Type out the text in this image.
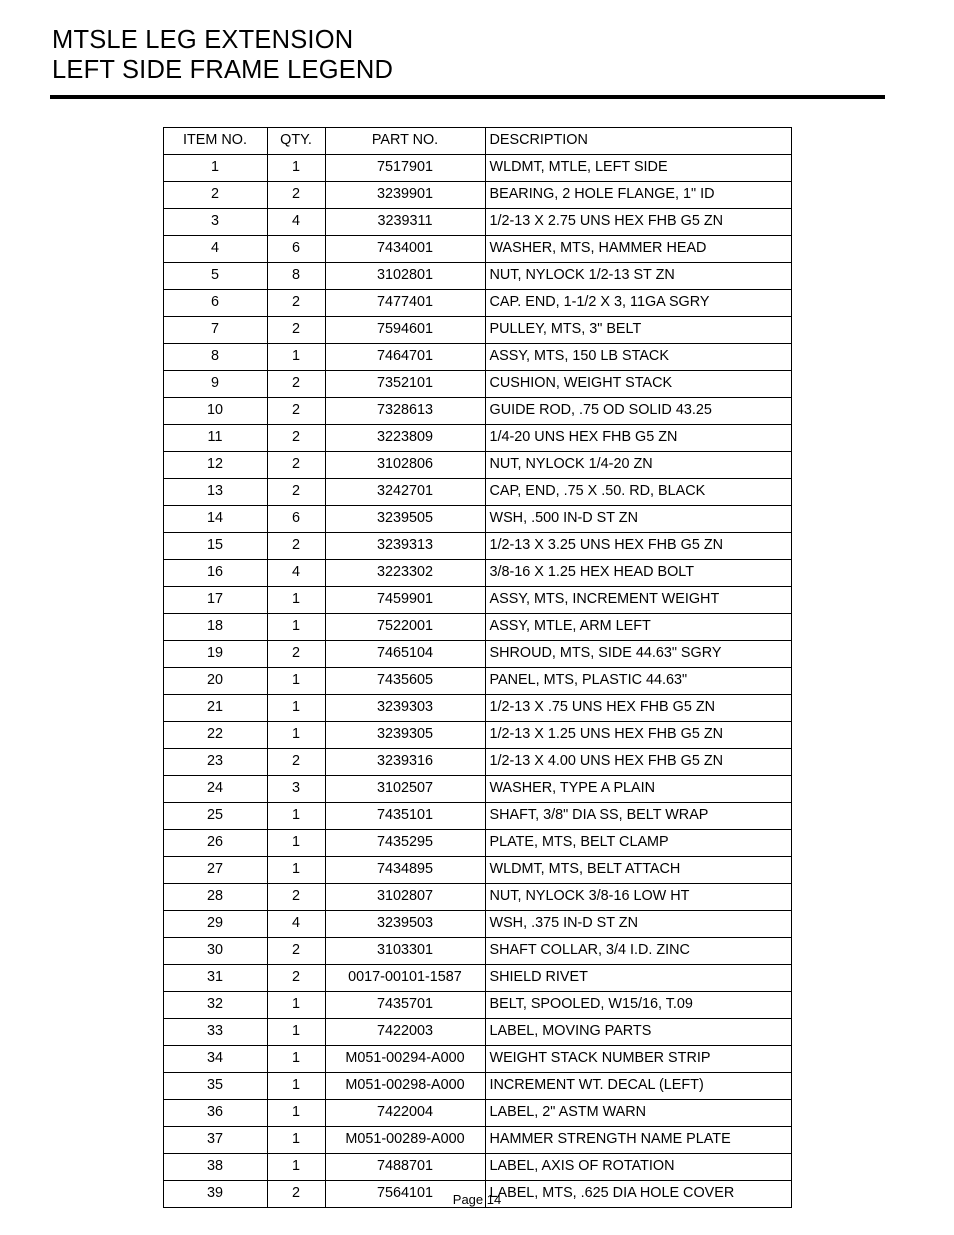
MTSLE LEG EXTENSION
LEFT SIDE FRAME LEGEND
ITEM NO.	QTY.	PART NO.	DESCRIPTION
1	1	7517901	WLDMT, MTLE, LEFT SIDE
2	2	3239901	BEARING, 2 HOLE FLANGE, 1" ID
3	4	3239311	1/2-13 X 2.75 UNS HEX FHB G5 ZN
4	6	7434001	WASHER, MTS, HAMMER HEAD
5	8	3102801	NUT, NYLOCK 1/2-13 ST ZN
6	2	7477401	CAP. END, 1-1/2 X 3, 11GA SGRY
7	2	7594601	PULLEY, MTS, 3" BELT
8	1	7464701	ASSY, MTS, 150 LB STACK
9	2	7352101	CUSHION, WEIGHT STACK
10	2	7328613	GUIDE ROD, .75 OD SOLID 43.25
11	2	3223809	1/4-20 UNS HEX FHB G5 ZN
12	2	3102806	NUT, NYLOCK 1/4-20 ZN
13	2	3242701	CAP, END, .75 X .50. RD, BLACK
14	6	3239505	WSH, .500 IN-D ST ZN
15	2	3239313	1/2-13 X 3.25 UNS HEX FHB G5 ZN
16	4	3223302	3/8-16 X 1.25 HEX HEAD BOLT
17	1	7459901	ASSY, MTS, INCREMENT WEIGHT
18	1	7522001	ASSY, MTLE, ARM LEFT
19	2	7465104	SHROUD, MTS, SIDE 44.63" SGRY
20	1	7435605	PANEL, MTS, PLASTIC 44.63"
21	1	3239303	1/2-13 X .75 UNS HEX FHB G5 ZN
22	1	3239305	1/2-13 X 1.25 UNS HEX FHB G5 ZN
23	2	3239316	1/2-13 X 4.00 UNS HEX FHB G5 ZN
24	3	3102507	WASHER, TYPE A PLAIN
25	1	7435101	SHAFT, 3/8" DIA SS, BELT WRAP
26	1	7435295	PLATE, MTS, BELT CLAMP
27	1	7434895	WLDMT, MTS, BELT ATTACH
28	2	3102807	NUT, NYLOCK 3/8-16 LOW HT
29	4	3239503	WSH, .375 IN-D ST ZN
30	2	3103301	SHAFT COLLAR, 3/4 I.D. ZINC
31	2	0017-00101-1587	SHIELD RIVET
32	1	7435701	BELT, SPOOLED, W15/16, T.09
33	1	7422003	LABEL, MOVING PARTS
34	1	M051-00294-A000	WEIGHT STACK NUMBER STRIP
35	1	M051-00298-A000	INCREMENT WT. DECAL (LEFT)
36	1	7422004	LABEL, 2" ASTM WARN
37	1	M051-00289-A000	HAMMER STRENGTH NAME PLATE
38	1	7488701	LABEL, AXIS OF ROTATION
39	2	7564101	LABEL, MTS, .625 DIA HOLE COVER
Page 14
